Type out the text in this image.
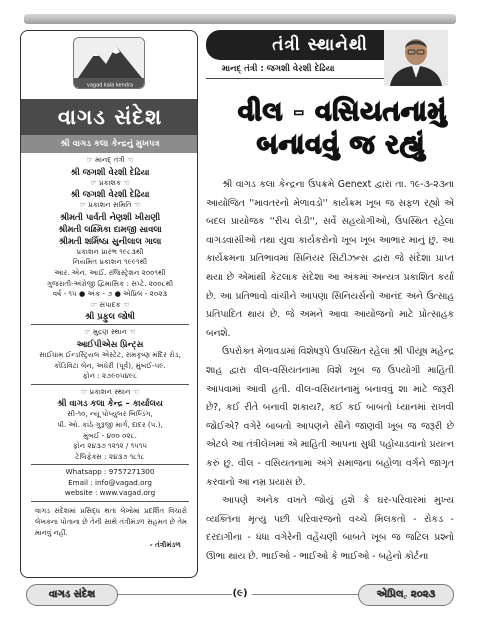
vagad kala kendra
વાગડ સંદેશ
શ્રી વાગડ કલા કેન્દ્રનું મુખપત્ર
☞ માનદ્ તંત્રી ☜
શ્રી જગશી વેરશી દેઢિયા
☞ પ્રકાશક ☜
શ્રી જગશી વેરશી દેઢિયા
☞ પ્રકાશન સમિતિ ☜
શ્રીમતી પાર્વતી નેણશી ખીરાણી
શ્રીમતી લક્ષ્મિકા દામજી સાવલા
શ્રીમતી શર્મિષ્ઠા સુનીલાલ ગાલા
પ્રકાશન પ્રારંભ ૧૯૮૩થી
નિયમિત પ્રકાશન ૧૯૯૧થી
આર. એન. આઈ. રજિસ્ટ્રેશન ૨૦૦૧થી
ગુજરાતી-અંગ્રેજી દ્વિમાસિક : સપ્ટે. ૨૦૦૮થી
વર્ષ - ૧૫ ● અંક - ૭ ● એપ્રિલ - ૨૦૨૩
☞ સંપાદક ☜
શ્રી પ્રફુલ જોષી
☞ મુદ્રણ સ્થાન ☜
આઈપીએસ પ્રિન્ટ્સ
સાઈધામ ઈન્ડસ્ટ્રિયલ એસ્ટેટ, રામકૃષ્ણ મંદિર રોડ,
કોંડિવિટા લેન, અંધેરી (પૂર્વ), મુંબઈ-૫૯.
ફોન : ૨૭૯૦૫૪૯૮
☞ પ્રકાશન સ્થાન ☜
શ્રી વાગડ કલા કેન્દ્ર – કાર્યાલય
સી-૧૦, ન્યૂ પોપ્યુલર બિલ્ડિંગ,
પી. ઓ. કાંઠે ગુરૂજી માર્ગ, દાદર (પ.),
મુંબઈ - ૪૦૦ ૦૨૮.
ફોન ૨૪૩૭ ૧૨૧૨ / ૧૫૧૫
ટેલિફેક્સ : ૨૪૩૭ ૧૮૧૮
Whatsapp : 9757271300
Email : info@vagad.org
website : www.vagad.org

વાગડ સંદેશમાં પ્રસિદ્ધ થતાં લેખોમાં પ્રદર્શિત વિચારો લેખકના પોતાના છે તેની સાથે તંત્રીમંડળ સહમત છે તેમ માનવું નહીં.

- તંત્રીમંડળ
તંત્રી સ્થાનેથી
માનદ્ તંત્રી : જગશી વેરશી દેઢિયા
વીલ - વસિયતનામું
બનાવવું જ રહ્યું

શ્રી વાગડ કલા કેન્દ્રના ઉપક્રમે Genext દ્વારા તા. ૧૯-૩-૨૩ના આયોજિત ''માવતરનો મેળાવડો'' કાર્યક્રમ ખૂબ જ સફળ રહ્યો એ બદલ પ્રાયોજક ''રીચ લેડી'', સર્વે સહયોગીઓ, ઉપસ્થિત રહેલા વાગડવાસીઓ તથા યુવા કાર્યકરોનો ખૂબ ખૂબ આભાર માનું છું. આ કાર્યક્રમના પ્રતિભાવમાં સિનિયર સિટીઝન્સ દ્વારા જે સંદેશા પ્રાપ્ત થયા છે એમાંથી કેટલાક સંદેશા આ અંકમાં અન્યત્ર પ્રકાશિત કર્યા છે. આ પ્રતિભાવો વાંચીને આપણા સિનિયર્સનો આનંદ અને ઉત્સાહ પ્રતિપાદિત થાય છે. જે અમને આવા આયોજનો માટે પ્રોત્સાહક બનશે.

ઉપરોક્ત મેળાવડામાં વિશેષરૂપે ઉપસ્થિત રહેલા શ્રી પીયૂષ મહેન્દ્ર શાહ દ્વારા વીલ-વસિયતનામા વિશે ખૂબ જ ઉપયોગી માહિતી આપવામાં આવી હતી. વીલ-વસિયતનામું બનાવવું શા માટે જરૂરી છે?, કઈ રીતે બનાવી શકાય?, કઈ કઈ બાબતો ધ્યાનમાં રાખવી જોઈએ? વગેરે બાબતો આપણને સૌને જાણવી ખૂબ જ જરૂરી છે એટલે આ તંત્રીલેખમાં એ માહિતી આપના સુધી પહોંચાડવાનો પ્રયત્ન કરું છું. વીલ - વસિયતનામા અંગે સમાજના બહોળા વર્ગને જાગૃત કરવાનો આ નમ્ર પ્રયાસ છે.

આપણે અનેક વખતે જોયું હશે કે ઘર-પરિવારમાં મુખ્ય વ્યક્તિના મૃત્યુ પછી પરિવારજનો વચ્ચે મિલકતો - રોકડ - દરદાગીના - ધંધા વગેરેની વહેંચણી બાબતે ખૂબ જ જટિલ પ્રશ્નો ઊભા થાય છે. ભાઈઓ - ભાઈઓ કે ભાઈઓ - બહેનો કોર્ટના

વાગડ સંદેશ	(૯)	એપ્રિલ, ૨૦૨૩
